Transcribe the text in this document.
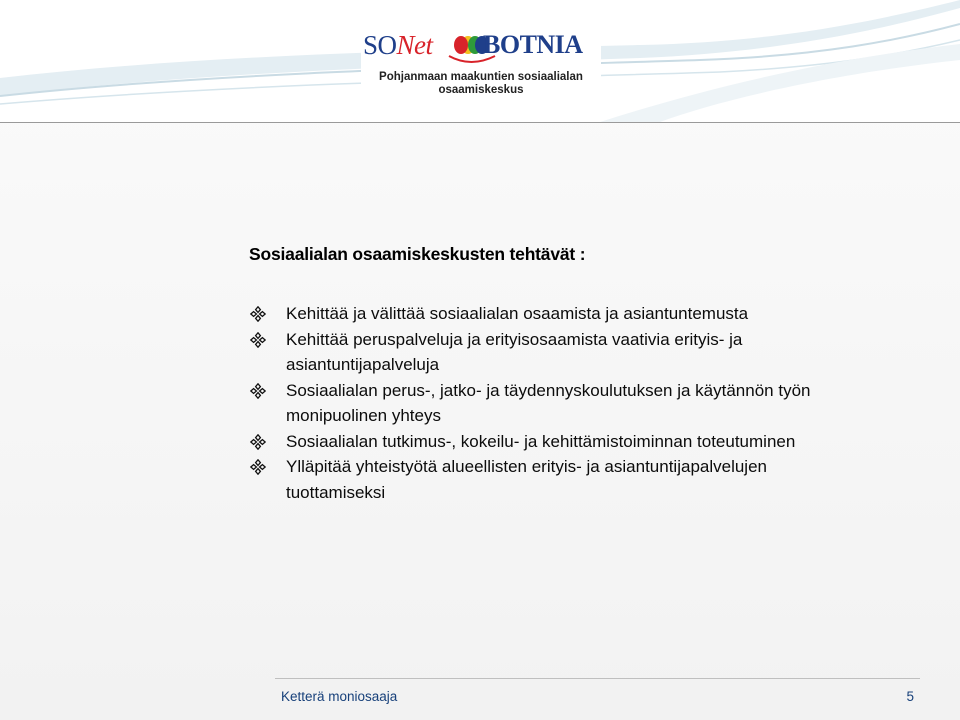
SONet BOTNIA
Pohjanmaan maakuntien sosiaalialan
osaamiskeskus
Sosiaalialan osaamiskeskusten tehtävät :
Kehittää ja välittää sosiaalialan osaamista ja asiantuntemusta
Kehittää peruspalveluja ja erityisosaamista vaativia erityis- ja
asiantuntijapalveluja
Sosiaalialan perus-, jatko- ja täydennyskoulutuksen ja käytännön työn
monipuolinen yhteys
Sosiaalialan tutkimus-, kokeilu- ja kehittämistoiminnan toteutuminen
Ylläpitää yhteistyötä alueellisten erityis- ja asiantuntijapalvelujen
tuottamiseksi
Ketterä moniosaaja	5
